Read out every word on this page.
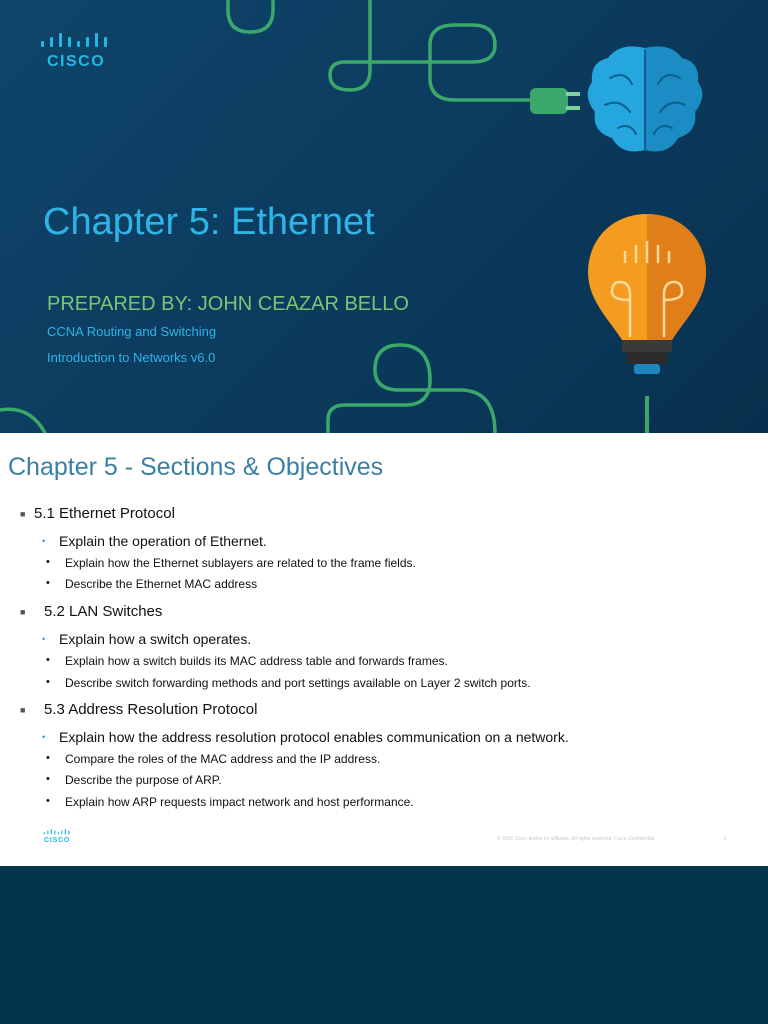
CISCO
Chapter 5: Ethernet
PREPARED BY: JOHN CEAZAR BELLO
CCNA Routing and Switching
Introduction to Networks v6.0
Chapter 5 - Sections & Objectives
■ 5.1 Ethernet Protocol
• Explain the operation of Ethernet.
• Explain how the Ethernet sublayers are related to the frame fields.
• Describe the Ethernet MAC address
■ 5.2 LAN Switches
• Explain how a switch operates.
• Explain how a switch builds its MAC address table and forwards frames.
• Describe switch forwarding methods and port settings available on Layer 2 switch ports.
■ 5.3 Address Resolution Protocol
• Explain how the address resolution protocol enables communication on a network.
• Compare the roles of the MAC address and the IP address.
• Describe the purpose of ARP.
• Explain how ARP requests impact network and host performance.
CISCO	© 2016 Cisco and/or its affiliates. All rights reserved. Cisco Confidential	2
